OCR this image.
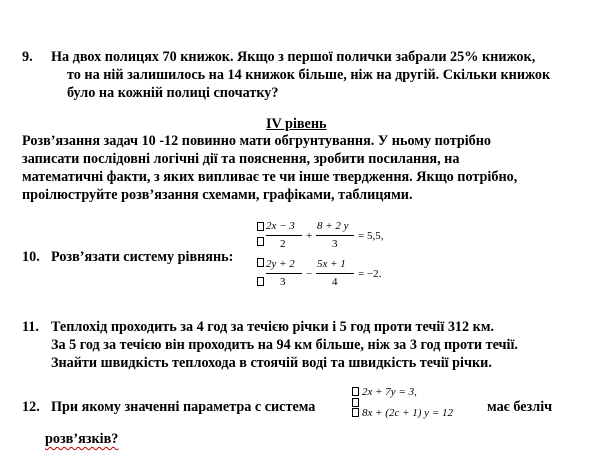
9. На двох полицях 70 книжок. Якщо з першої полички забрали 25% книжок,
то на ній залишилось на 14 книжок більше, ніж на другій. Скільки книжок
було на кожній полиці спочатку?
IV рівень
Розв’язання задач 10 -12 повинно мати обгрунтування. У ньому потрібно
записати послідовні логічні дії та пояснення, зробити посилання, на
математичні факти, з яких випливає те чи інше твердження. Якщо потрібно,
проілюструйте розв’язання схемами, графіками, таблицями.
10. Розв’язати систему рівнянь:
2x − 3
2
+
8 + 2 y
3
= 5,5,
2y + 2
3
−
5x + 1
4
= −2.
11. Теплохід проходить за 4 год за течією річки і 5 год проти течії 312 км.
За 5 год за течією він проходить на 94 км більше, ніж за 3 год проти течії.
Знайти швидкість теплохода в стоячій воді та швидкість течії річки.
12. При якому значенні параметра с система
2x + 7y = 3,
8x + (2c + 1) y = 12 має безліч
розв’язків?
